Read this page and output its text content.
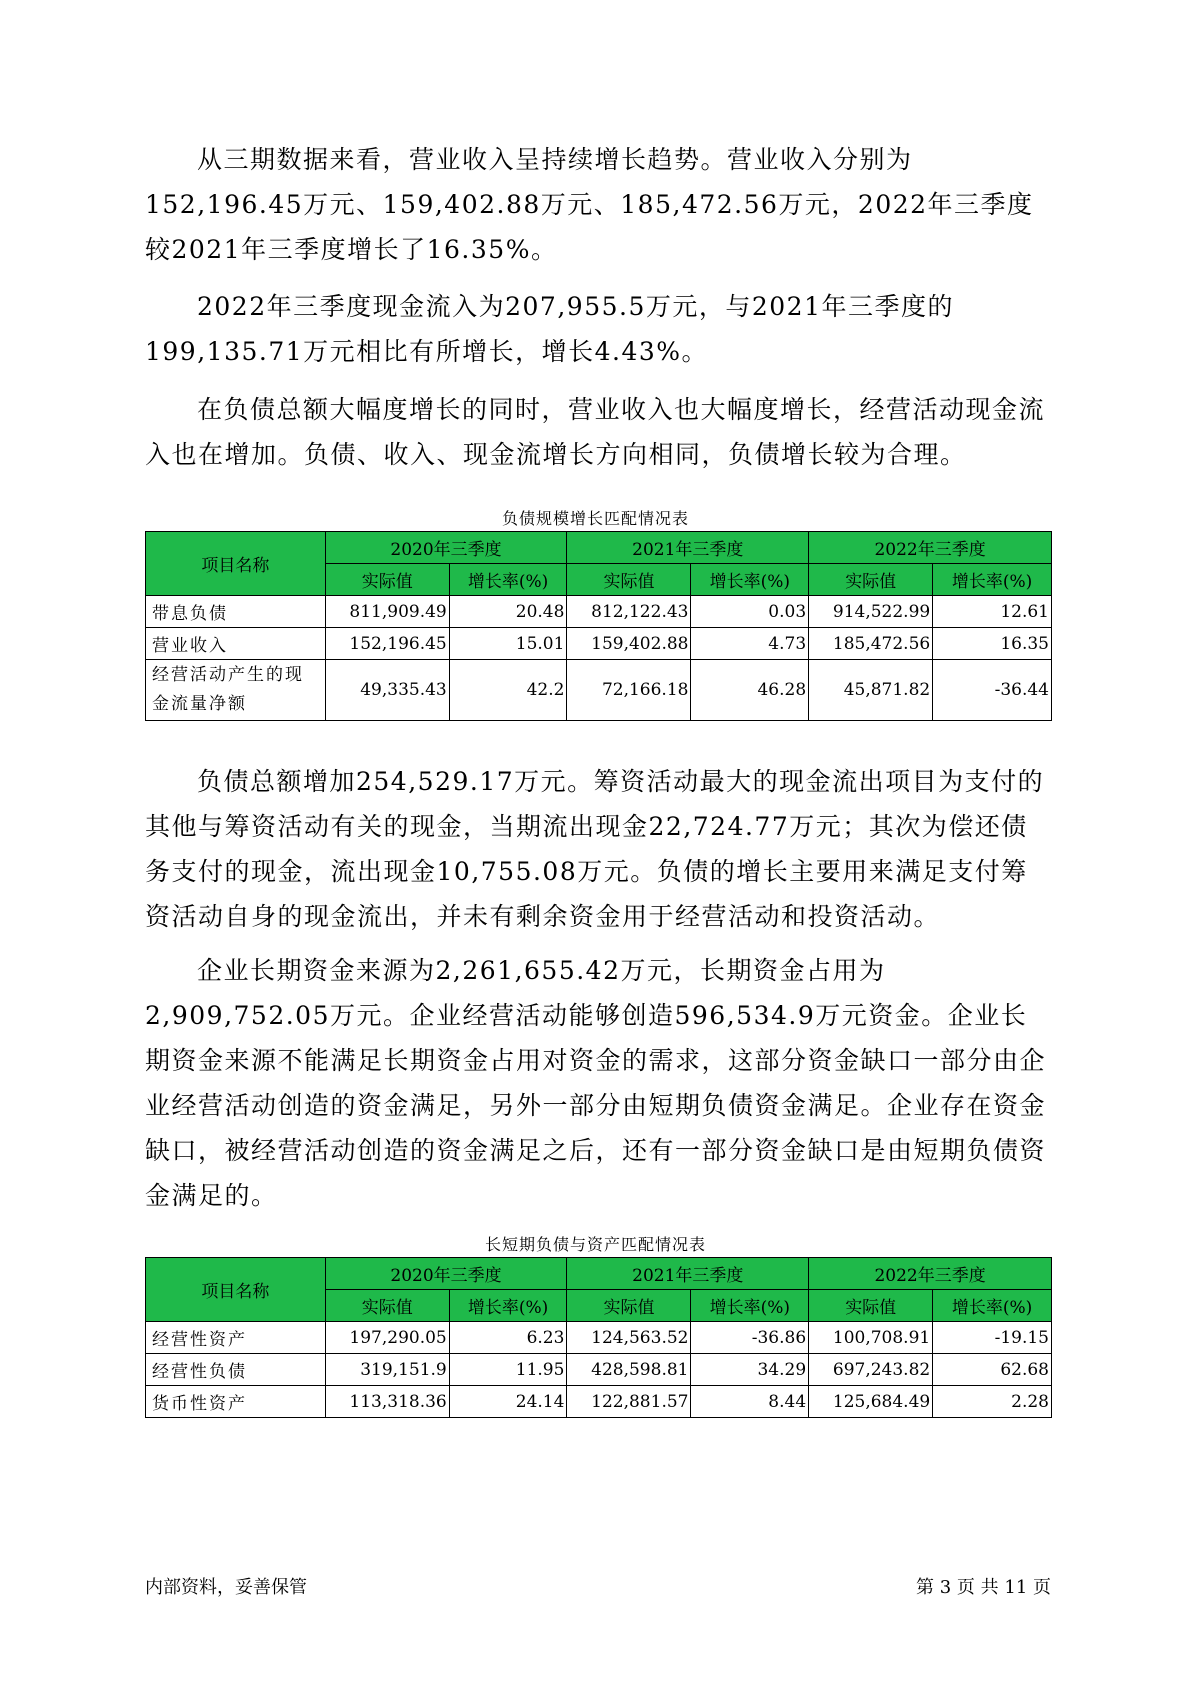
从三期数据来看，营业收入呈持续增长趋势。营业收入分别为152,196.45万元、159,402.88万元、185,472.56万元，2022年三季度较2021年三季度增长了16.35%。

2022年三季度现金流入为207,955.5万元，与2021年三季度的199,135.71万元相比有所增长，增长4.43%。

在负债总额大幅度增长的同时，营业收入也大幅度增长，经营活动现金流入也在增加。负债、收入、现金流增长方向相同，负债增长较为合理。

负债规模增长匹配情况表
项目名称	2020年三季度		2021年三季度		2022年三季度	
	实际值	增长率(%)	实际值	增长率(%)	实际值	增长率(%)
带息负债	811,909.49	20.48	812,122.43	0.03	914,522.99	12.61
营业收入	152,196.45	15.01	159,402.88	4.73	185,472.56	16.35
经营活动产生的现金流量净额	49,335.43	42.2	72,166.18	46.28	45,871.82	-36.44

负债总额增加254,529.17万元。筹资活动最大的现金流出项目为支付的其他与筹资活动有关的现金，当期流出现金22,724.77万元；其次为偿还债务支付的现金，流出现金10,755.08万元。负债的增长主要用来满足支付筹资活动自身的现金流出，并未有剩余资金用于经营活动和投资活动。

企业长期资金来源为2,261,655.42万元，长期资金占用为2,909,752.05万元。企业经营活动能够创造596,534.9万元资金。企业长期资金来源不能满足长期资金占用对资金的需求，这部分资金缺口一部分由企业经营活动创造的资金满足，另外一部分由短期负债资金满足。企业存在资金缺口，被经营活动创造的资金满足之后，还有一部分资金缺口是由短期负债资金满足的。

长短期负债与资产匹配情况表
项目名称	2020年三季度		2021年三季度		2022年三季度	
	实际值	增长率(%)	实际值	增长率(%)	实际值	增长率(%)
经营性资产	197,290.05	6.23	124,563.52	-36.86	100,708.91	-19.15
经营性负债	319,151.9	11.95	428,598.81	34.29	697,243.82	62.68
货币性资产	113,318.36	24.14	122,881.57	8.44	125,684.49	2.28
内部资料，妥善保管	第 3 页 共 11 页
